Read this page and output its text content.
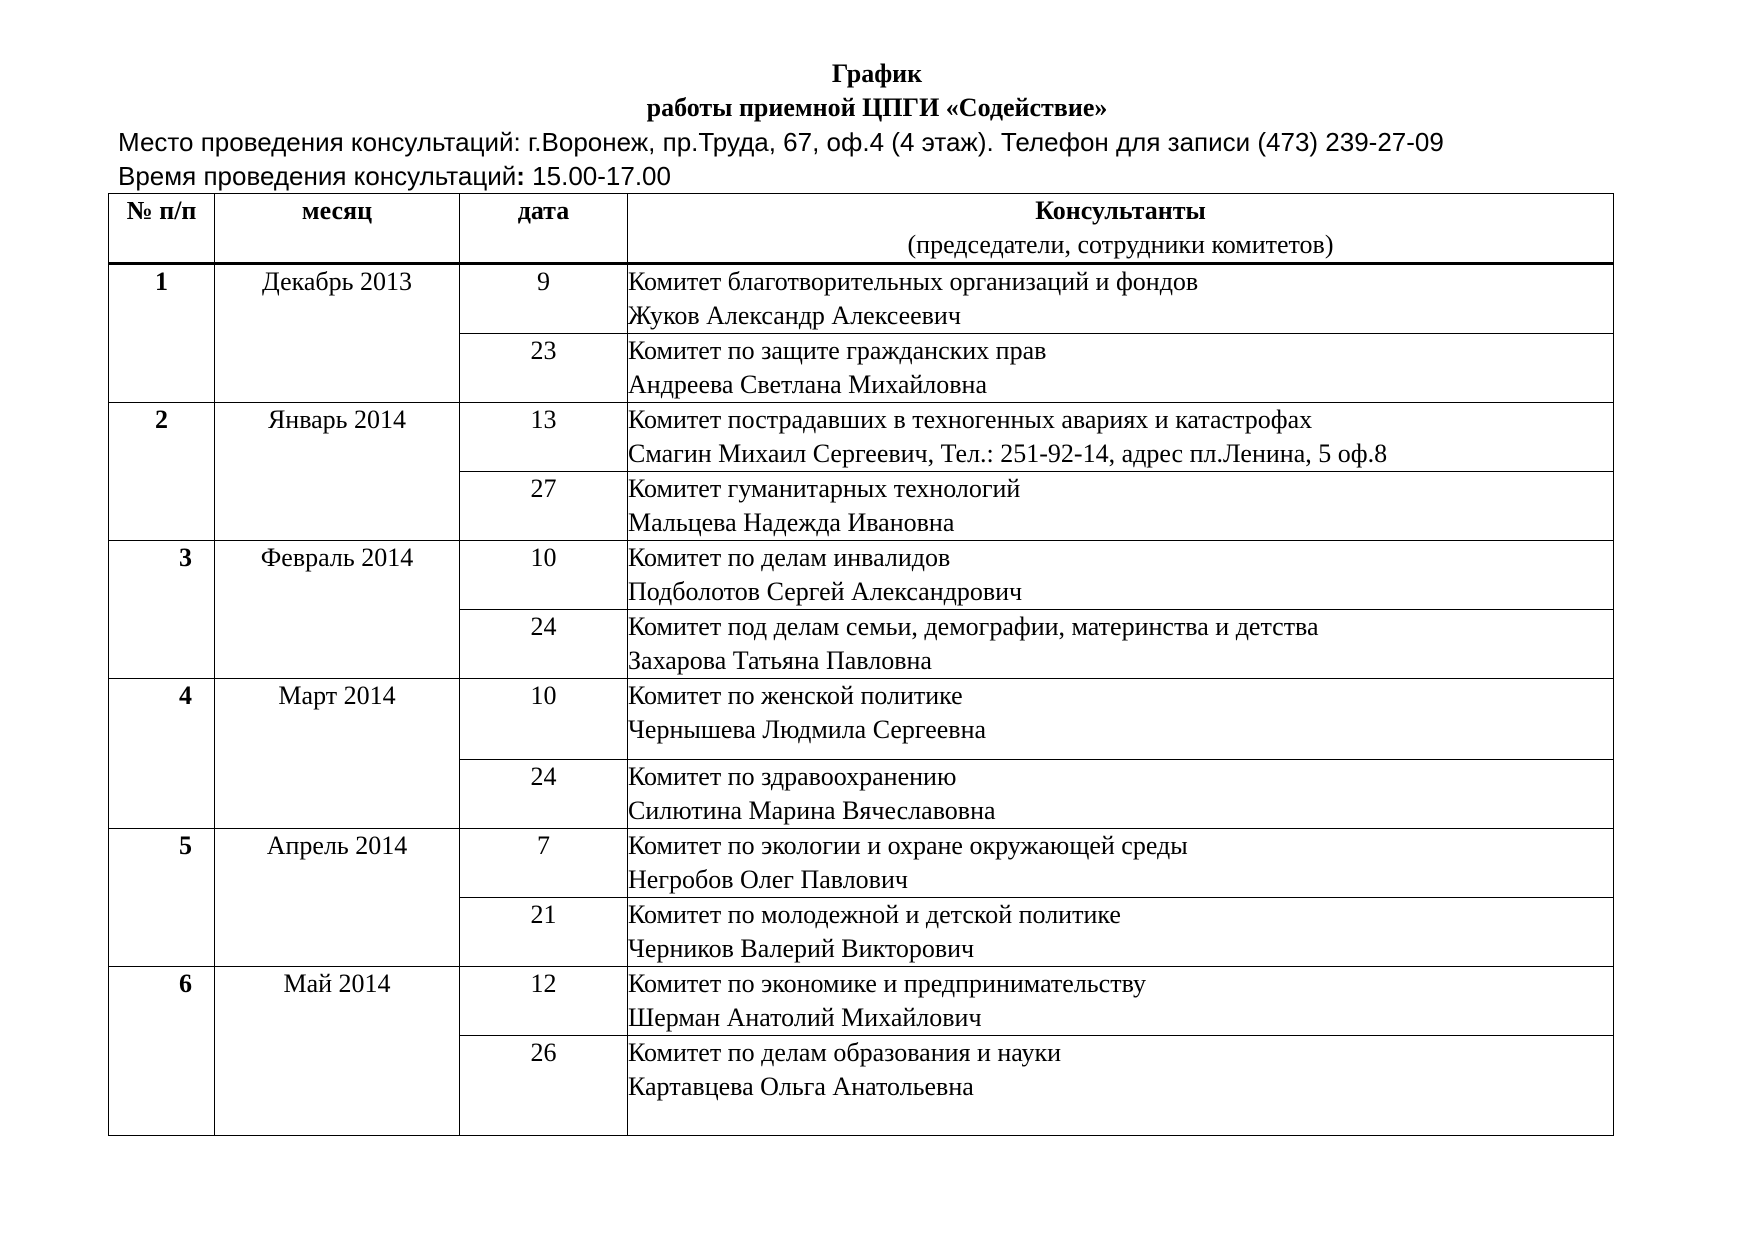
График
работы приемной ЦПГИ «Содействие»
Место проведения консультаций: г.Воронеж, пр.Труда, 67, оф.4 (4 этаж). Телефон для записи (473) 239-27-09
Время проведения консультаций: 15.00-17.00
№ п/п	месяц	дата	Консультанты
(председатели, сотрудники комитетов)

1	Декабрь 2013	9	Комитет благотворительных организаций и фондов
Жуков Александр Алексеевич

		23	Комитет по защите гражданских прав
Андреева Светлана Михайловна

2	Январь 2014	13	Комитет пострадавших в техногенных авариях и катастрофах
Смагин Михаил Сергеевич, Тел.: 251-92-14, адрес пл.Ленина, 5 оф.8

		27	Комитет гуманитарных технологий
Мальцева Надежда Ивановна

3	Февраль 2014	10	Комитет по делам инвалидов
Подболотов Сергей Александрович

		24	Комитет под делам семьи, демографии, материнства и детства
Захарова Татьяна Павловна

4	Март 2014	10	Комитет по женской политике
Чернышева Людмила Сергеевна

		24	Комитет по здравоохранению
Силютина Марина Вячеславовна

5	Апрель 2014	7	Комитет по экологии и охране окружающей среды
Негробов Олег Павлович

		21	Комитет по молодежной и детской политике
Черников Валерий Викторович

6	Май 2014	12	Комитет по экономике и предпринимательству
Шерман Анатолий Михайлович

		26	Комитет по делам образования и науки
Картавцева Ольга Анатольевна
